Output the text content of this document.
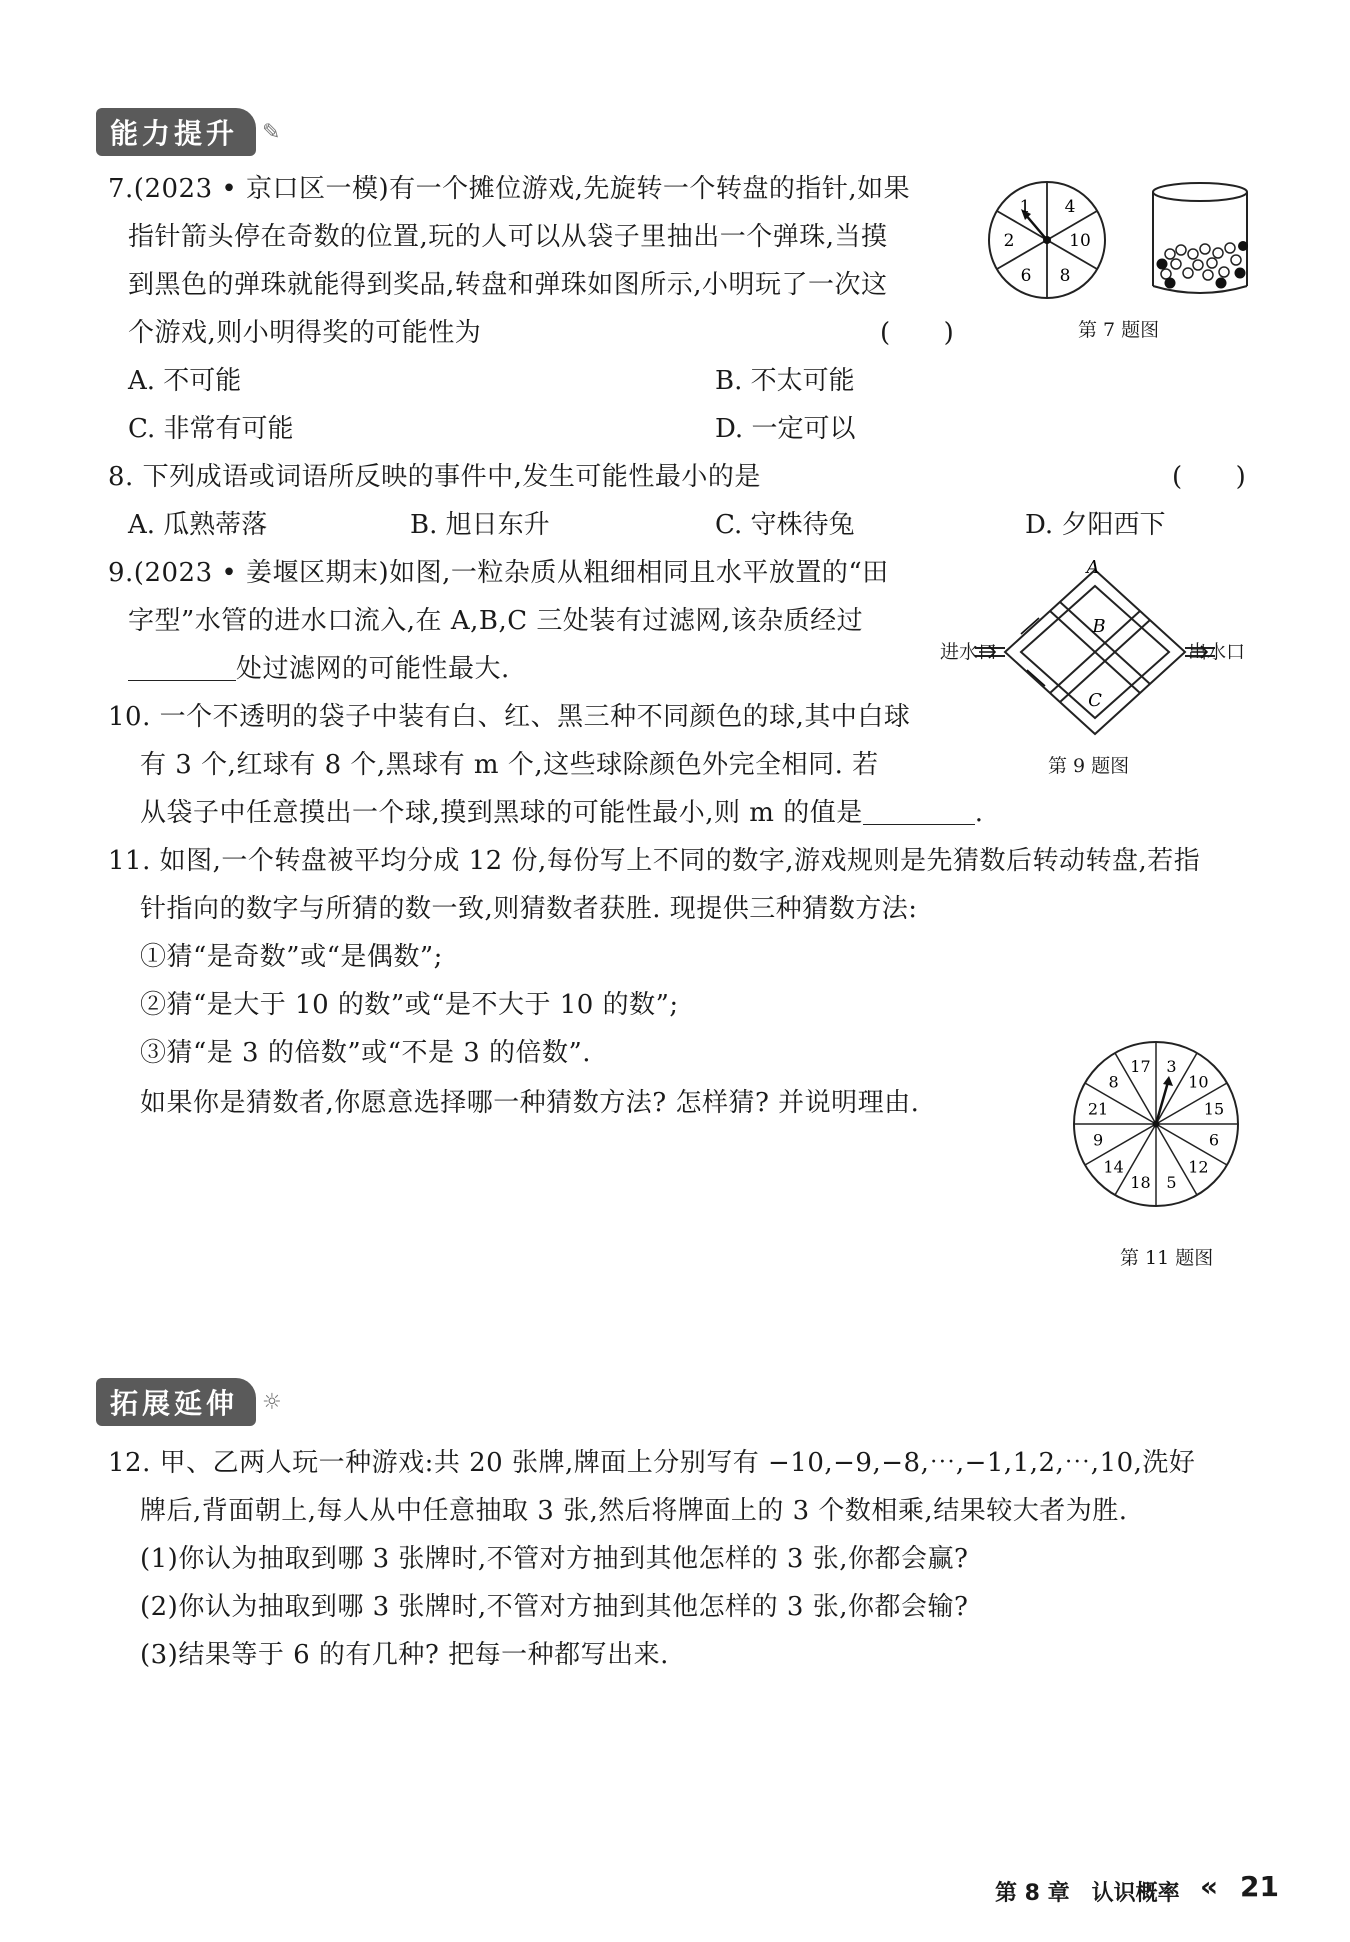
能力提升	✎
7.(2023 • 京口区一模)有一个摊位游戏,先旋转一个转盘的指针,如果
指针箭头停在奇数的位置,玩的人可以从袋子里抽出一个弹珠,当摸
到黑色的弹珠就能得到奖品,转盘和弹珠如图所示,小明玩了一次这
个游戏,则小明得奖的可能性为	(　　)
A. 不可能	B. 不太可能
C. 非常有可能	D. 一定可以
1 4
10
8
6
2
第 7 题图
8. 下列成语或词语所反映的事件中,发生可能性最小的是	(　　)
A. 瓜熟蒂落	B. 旭日东升	C. 守株待兔	D. 夕阳西下
9.(2023 • 姜堰区期末)如图,一粒杂质从粗细相同且水平放置的“田
字型”水管的进水口流入,在 A,B,C 三处装有过滤网,该杂质经过
处过滤网的可能性最大.
A
B
C
进水口	出水口
第 9 题图
10. 一个不透明的袋子中装有白、红、黑三种不同颜色的球,其中白球
有 3 个,红球有 8 个,黑球有 m 个,这些球除颜色外完全相同. 若
从袋子中任意摸出一个球,摸到黑球的可能性最小,则 m 的值是	.
11. 如图,一个转盘被平均分成 12 份,每份写上不同的数字,游戏规则是先猜数后转动转盘,若指
针指向的数字与所猜的数一致,则猜数者获胜. 现提供三种猜数方法:
①猜“是奇数”或“是偶数”;
②猜“是大于 10 的数”或“是不大于 10 的数”;
③猜“是 3 的倍数”或“不是 3 的倍数”.
如果你是猜数者,你愿意选择哪一种猜数方法? 怎样猜? 并说明理由.
3
10
15
6
12
5
18
14
9
21
8
17
第 11 题图
拓展延伸	☼
12. 甲、乙两人玩一种游戏:共 20 张牌,牌面上分别写有 −10,−9,−8,⋯,−1,1,2,⋯,10,洗好
牌后,背面朝上,每人从中任意抽取 3 张,然后将牌面上的 3 个数相乘,结果较大者为胜.
(1)你认为抽取到哪 3 张牌时,不管对方抽到其他怎样的 3 张,你都会赢?
(2)你认为抽取到哪 3 张牌时,不管对方抽到其他怎样的 3 张,你都会输?
(3)结果等于 6 的有几种? 把每一种都写出来.
第 8 章　认识概率 « 21
